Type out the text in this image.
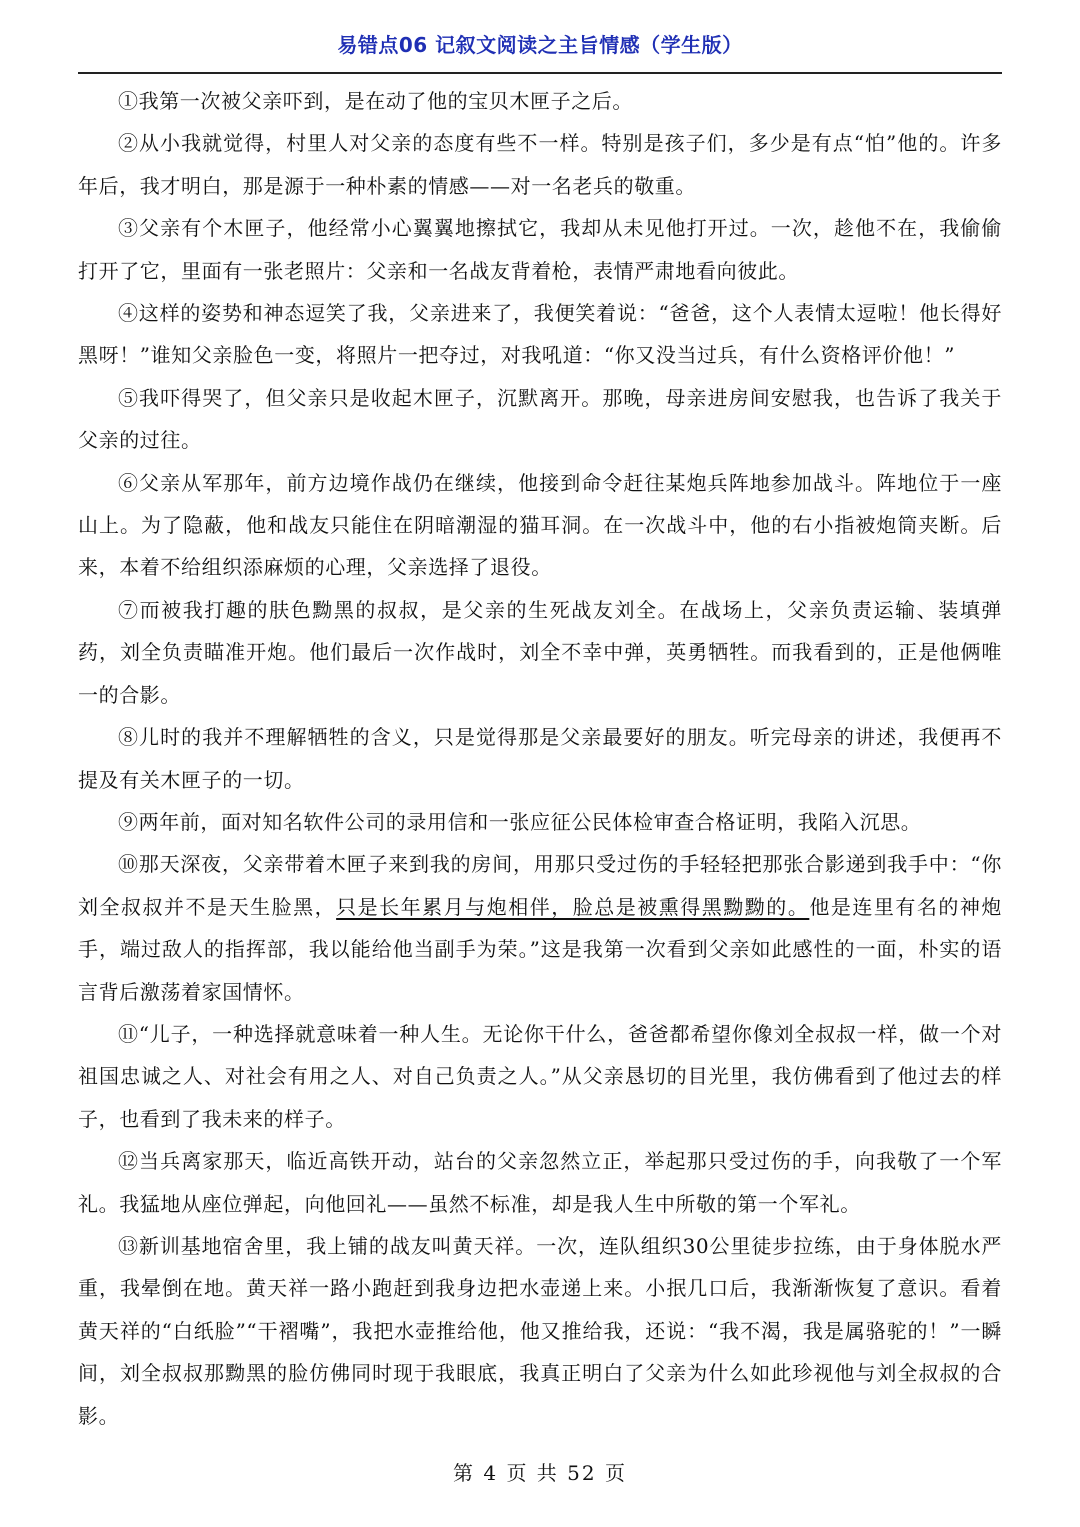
易错点06 记叙文阅读之主旨情感（学生版）

①我第一次被父亲吓到，是在动了他的宝贝木匣子之后。

②从小我就觉得，村里人对父亲的态度有些不一样。特别是孩子们，多少是有点“怕”他的。许多年后，我才明白，那是源于一种朴素的情感——对一名老兵的敬重。

③父亲有个木匣子，他经常小心翼翼地擦拭它，我却从未见他打开过。一次，趁他不在，我偷偷打开了它，里面有一张老照片：父亲和一名战友背着枪，表情严肃地看向彼此。

④这样的姿势和神态逗笑了我，父亲进来了，我便笑着说：“爸爸，这个人表情太逗啦！他长得好黑呀！”谁知父亲脸色一变，将照片一把夺过，对我吼道：“你又没当过兵，有什么资格评价他！”

⑤我吓得哭了，但父亲只是收起木匣子，沉默离开。那晚，母亲进房间安慰我，也告诉了我关于父亲的过往。

⑥父亲从军那年，前方边境作战仍在继续，他接到命令赶往某炮兵阵地参加战斗。阵地位于一座山上。为了隐蔽，他和战友只能住在阴暗潮湿的猫耳洞。在一次战斗中，他的右小指被炮筒夹断。后来，本着不给组织添麻烦的心理，父亲选择了退役。

⑦而被我打趣的肤色黝黑的叔叔，是父亲的生死战友刘全。在战场上，父亲负责运输、装填弹药，刘全负责瞄准开炮。他们最后一次作战时，刘全不幸中弹，英勇牺牲。而我看到的，正是他俩唯一的合影。

⑧儿时的我并不理解牺牲的含义，只是觉得那是父亲最要好的朋友。听完母亲的讲述，我便再不提及有关木匣子的一切。

⑨两年前，面对知名软件公司的录用信和一张应征公民体检审查合格证明，我陷入沉思。

⑩那天深夜，父亲带着木匣子来到我的房间，用那只受过伤的手轻轻把那张合影递到我手中：“你刘全叔叔并不是天生脸黑，只是长年累月与炮相伴，脸总是被熏得黑黝黝的。他是连里有名的神炮手，端过敌人的指挥部，我以能给他当副手为荣。”这是我第一次看到父亲如此感性的一面，朴实的语言背后激荡着家国情怀。

⑪“儿子，一种选择就意味着一种人生。无论你干什么，爸爸都希望你像刘全叔叔一样，做一个对祖国忠诚之人、对社会有用之人、对自己负责之人。”从父亲恳切的目光里，我仿佛看到了他过去的样子，也看到了我未来的样子。

⑫当兵离家那天，临近高铁开动，站台的父亲忽然立正，举起那只受过伤的手，向我敬了一个军礼。我猛地从座位弹起，向他回礼——虽然不标准，却是我人生中所敬的第一个军礼。

⑬新训基地宿舍里，我上铺的战友叫黄天祥。一次，连队组织30公里徒步拉练，由于身体脱水严重，我晕倒在地。黄天祥一路小跑赶到我身边把水壶递上来。小抿几口后，我渐渐恢复了意识。看着黄天祥的“白纸脸”“干褶嘴”，我把水壶推给他，他又推给我，还说：“我不渴，我是属骆驼的！”一瞬间，刘全叔叔那黝黑的脸仿佛同时现于我眼底，我真正明白了父亲为什么如此珍视他与刘全叔叔的合影。

第 4 页 共 52 页
